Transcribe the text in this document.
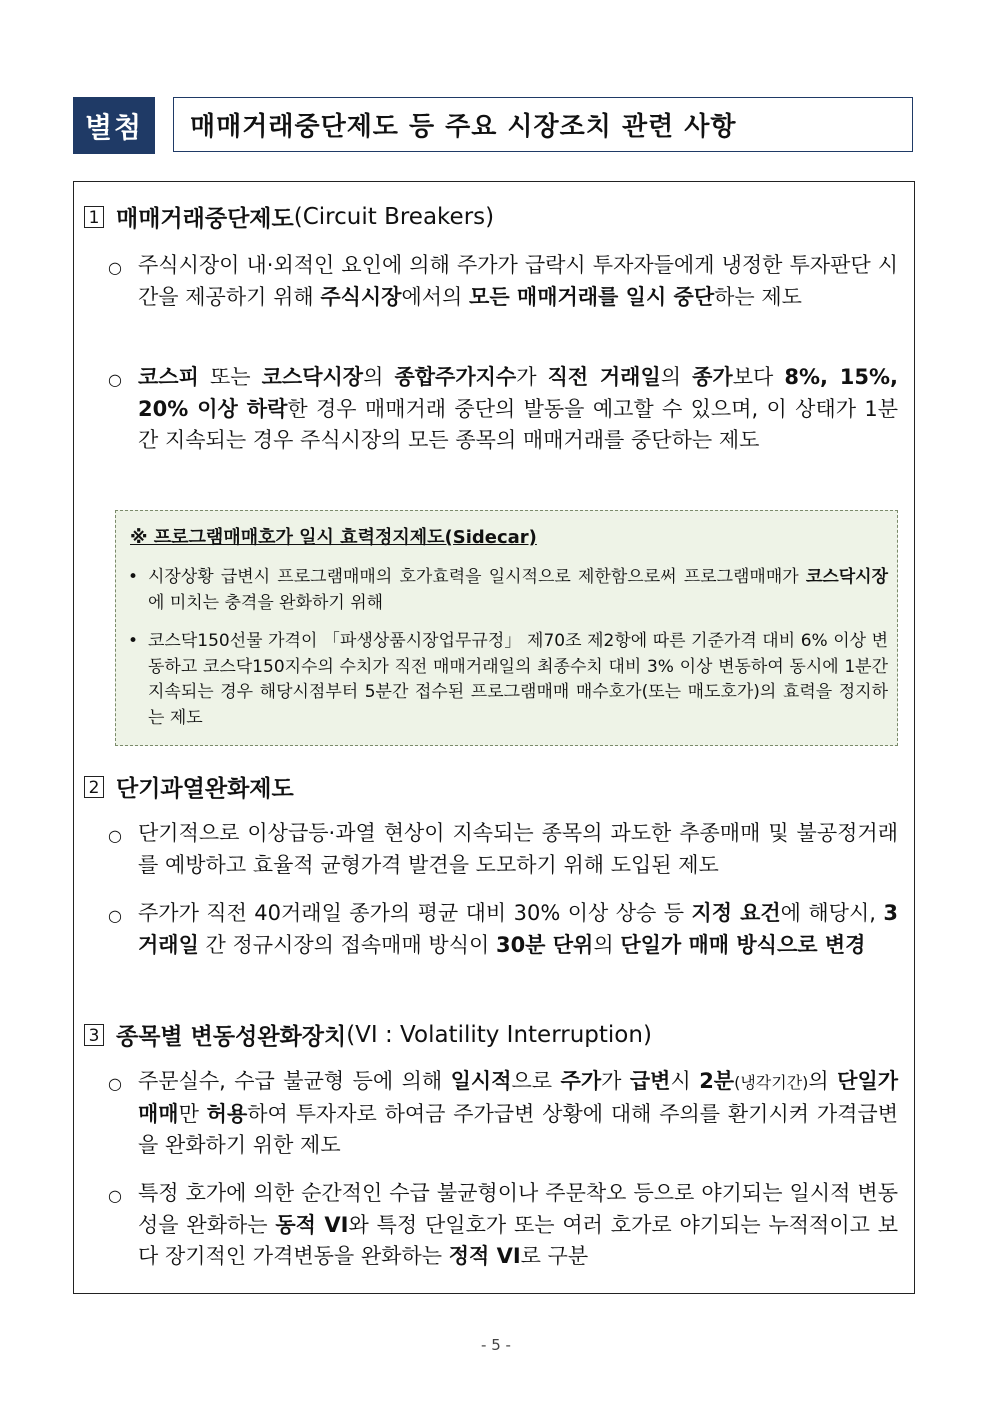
별첨	매매거래중단제도 등 주요 시장조치 관련 사항
1 매매거래중단제도 (Circuit Breakers)
○ 주식시장이 내·외적인 요인에 의해 주가가 급락시 투자자들에게 냉정한 투자판단 시간을 제공하기 위해 주식시장에서의 모든 매매거래를 일시 중단하는 제도
○ 코스피 또는 코스닥시장의 종합주가지수가 직전 거래일의 종가보다 8%, 15%, 20% 이상 하락한 경우 매매거래 중단의 발동을 예고할 수 있으며, 이 상태가 1분간 지속되는 경우 주식시장의 모든 종목의 매매거래를 중단하는 제도
※ 프로그램매매호가 일시 효력정지제도(Sidecar)
• 시장상황 급변시 프로그램매매의 호가효력을 일시적으로 제한함으로써 프로그램매매가 코스닥시장에 미치는 충격을 완화하기 위해
• 코스닥150선물 가격이 「파생상품시장업무규정」 제70조 제2항에 따른 기준가격 대비 6% 이상 변동하고 코스닥150지수의 수치가 직전 매매거래일의 최종수치 대비 3% 이상 변동하여 동시에 1분간 지속되는 경우 해당시점부터 5분간 접수된 프로그램매매 매수호가(또는 매도호가)의 효력을 정지하는 제도
2 단기과열완화제도
○ 단기적으로 이상급등·과열 현상이 지속되는 종목의 과도한 추종매매 및 불공정거래를 예방하고 효율적 균형가격 발견을 도모하기 위해 도입된 제도
○ 주가가 직전 40거래일 종가의 평균 대비 30% 이상 상승 등 지정 요건에 해당시, 3거래일 간 정규시장의 접속매매 방식이 30분 단위의 단일가 매매 방식으로 변경
3 종목별 변동성완화장치 (VI : Volatility Interruption)
○ 주문실수, 수급 불균형 등에 의해 일시적으로 주가가 급변시 2분(냉각기간)의 단일가매매만 허용하여 투자자로 하여금 주가급변 상황에 대해 주의를 환기시켜 가격급변을 완화하기 위한 제도
○ 특정 호가에 의한 순간적인 수급 불균형이나 주문착오 등으로 야기되는 일시적 변동성을 완화하는 동적 VI와 특정 단일호가 또는 여러 호가로 야기되는 누적적이고 보다 장기적인 가격변동을 완화하는 정적 VI로 구분
- 5 -
